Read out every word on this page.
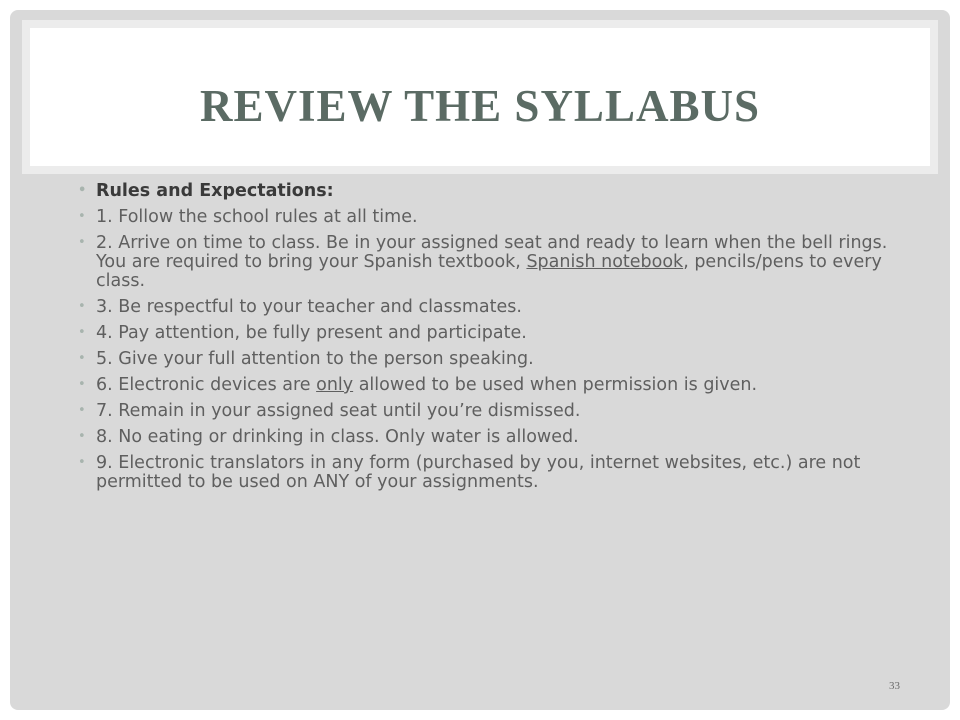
REVIEW THE SYLLABUS
• Rules and Expectations:
• 1. Follow the school rules at all time.
• 2. Arrive on time to class. Be in your assigned seat and ready to learn when the bell rings. You are required to bring your Spanish textbook, Spanish notebook, pencils/pens to every class.
• 3. Be respectful to your teacher and classmates.
• 4. Pay attention, be fully present and participate.
• 5. Give your full attention to the person speaking.
• 6. Electronic devices are only allowed to be used when permission is given.
• 7. Remain in your assigned seat until you’re dismissed.
• 8. No eating or drinking in class. Only water is allowed.
• 9. Electronic translators in any form (purchased by you, internet websites, etc.) are not permitted to be used on ANY of your assignments.
33
